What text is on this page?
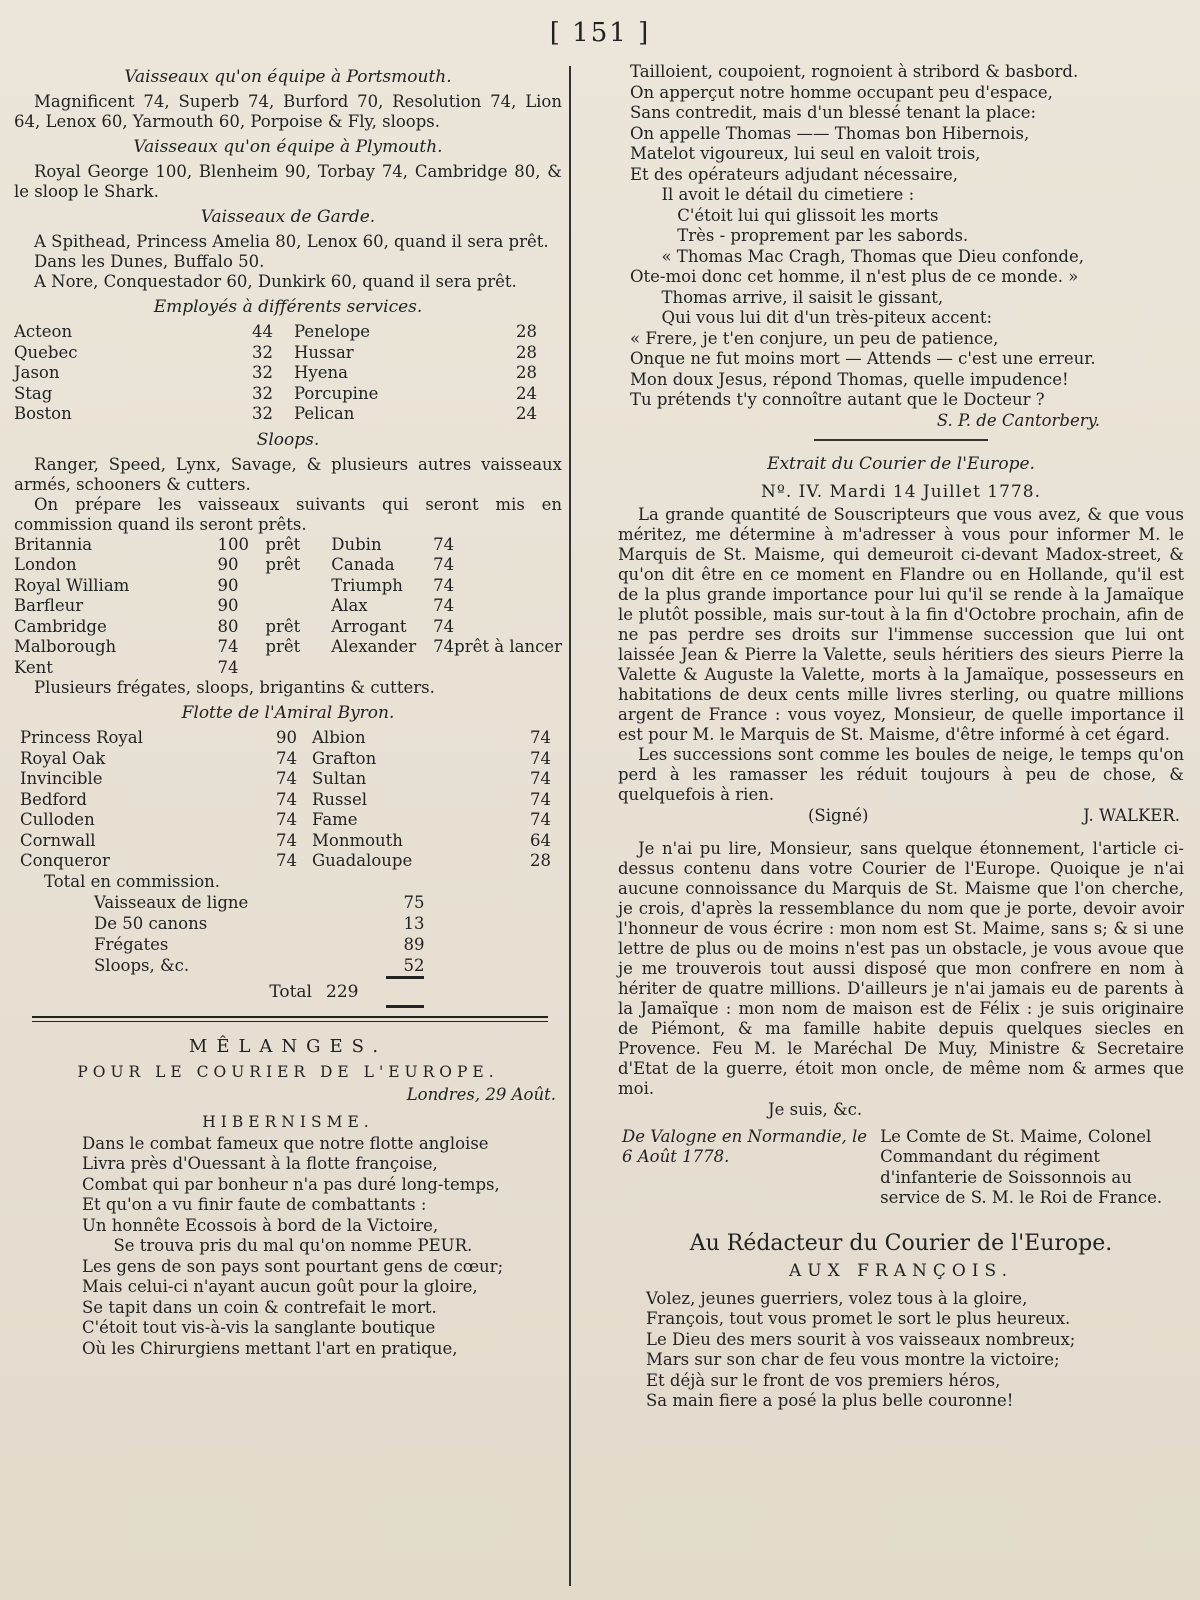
[ 151 ]
Vaisseaux qu'on équipe à Portsmouth.

Magnificent 74, Superb 74, Burford 70, Resolution 74, Lion 64, Lenox 60, Yarmouth 60, Porpoise & Fly, sloops.

Vaisseaux qu'on équipe à Plymouth.

Royal George 100, Blenheim 90, Torbay 74, Cambridge 80, & le sloop le Shark.

Vaisseaux de Garde.

A Spithead, Princess Amelia 80, Lenox 60, quand il sera prêt.

Dans les Dunes, Buffalo 50.

A Nore, Conquestador 60, Dunkirk 60, quand il sera prêt.

Employés à différents services.
Acteon	44	Penelope	28
Quebec	32	Hussar	28
Jason	32	Hyena	28
Stag	32	Porcupine	24
Boston	32	Pelican	24
Sloops.

Ranger, Speed, Lynx, Savage, & plusieurs autres vaisseaux armés, schooners & cutters.

On prépare les vaisseaux suivants qui seront mis en commission quand ils seront prêts.

Britannia	100	prêt	Dubin	74
London	90	prêt	Canada	74
Royal William	90		Triumph	74
Barfleur	90		Alax	74
Cambridge	80	prêt	Arrogant	74
Malborough	74	prêt	Alexander	74prêt à lancer
Kent	74			

Plusieurs frégates, sloops, brigantins & cutters.

Flotte de l'Amiral Byron.
Princess Royal	90	Albion	74
Royal Oak	74	Grafton	74
Invincible	74	Sultan	74
Bedford	74	Russel	74
Culloden	74	Fame	74
Cornwall	74	Monmouth	64
Conqueror	74	Guadaloupe	28
Total en commission.
Vaisseaux de ligne	75
De 50 canons	13
Frégates	89
Sloops, &c.	52
Total 229
MÊLANGES.
POUR LE COURIER DE L'EUROPE.
Londres, 29 Août.
HIBERNISME.
Dans le combat fameux que notre flotte angloise
Livra près d'Ouessant à la flotte françoise,
Combat qui par bonheur n'a pas duré long-temps,
Et qu'on a vu finir faute de combattants :
Un honnête Ecossois à bord de la Victoire,
Se trouva pris du mal qu'on nomme PEUR.
Les gens de son pays sont pourtant gens de cœur;
Mais celui-ci n'ayant aucun goût pour la gloire,
Se tapit dans un coin & contrefait le mort.
C'étoit tout vis-à-vis la sanglante boutique
Où les Chirurgiens mettant l'art en pratique,
Tailloient, coupoient, rognoient à stribord & basbord.
On apperçut notre homme occupant peu d'espace,
Sans contredit, mais d'un blessé tenant la place:
On appelle Thomas —— Thomas bon Hibernois,
Matelot vigoureux, lui seul en valoit trois,
Et des opérateurs adjudant nécessaire,
Il avoit le détail du cimetiere :
C'étoit lui qui glissoit les morts
Très - proprement par les sabords.
« Thomas Mac Cragh, Thomas que Dieu confonde,
Ote-moi donc cet homme, il n'est plus de ce monde. »
Thomas arrive, il saisit le gissant,
Qui vous lui dit d'un très-piteux accent:
« Frere, je t'en conjure, un peu de patience,
Onque ne fut moins mort — Attends — c'est une erreur.
Mon doux Jesus, répond Thomas, quelle impudence!
Tu prétends t'y connoître autant que le Docteur ?
S. P. de Cantorbery.
Extrait du Courier de l'Europe.
Nº. IV. Mardi 14 Juillet 1778.

La grande quantité de Souscripteurs que vous avez, & que vous méritez, me détermine à m'adresser à vous pour informer M. le Marquis de St. Maisme, qui demeuroit ci-devant Madox-street, & qu'on dit être en ce moment en Flandre ou en Hollande, qu'il est de la plus grande importance pour lui qu'il se rende à la Jamaïque le plutôt possible, mais sur-tout à la fin d'Octobre prochain, afin de ne pas perdre ses droits sur l'immense succession que lui ont laissée Jean & Pierre la Valette, seuls héritiers des sieurs Pierre la Valette & Auguste la Valette, morts à la Jamaïque, possesseurs en habitations de deux cents mille livres sterling, ou quatre millions argent de France : vous voyez, Monsieur, de quelle importance il est pour M. le Marquis de St. Maisme, d'être informé à cet égard.

Les successions sont comme les boules de neige, le temps qu'on perd à les ramasser les réduit toujours à peu de chose, & quelquefois à rien.

(Signé)	J. WALKER.

Je n'ai pu lire, Monsieur, sans quelque étonnement, l'article ci-dessus contenu dans votre Courier de l'Europe. Quoique je n'ai aucune connoissance du Marquis de St. Maisme que l'on cherche, je crois, d'après la ressemblance du nom que je porte, devoir avoir l'honneur de vous écrire : mon nom est St. Maime, sans s; & si une lettre de plus ou de moins n'est pas un obstacle, je vous avoue que je me trouverois tout aussi disposé que mon confrere en nom à hériter de quatre millions. D'ailleurs je n'ai jamais eu de parents à la Jamaïque : mon nom de maison est de Félix : je suis originaire de Piémont, & ma famille habite depuis quelques siecles en Provence. Feu M. le Maréchal De Muy, Ministre & Secretaire d'Etat de la guerre, étoit mon oncle, de même nom & armes que moi.

Je suis, &c.
De Valogne en Normandie, le 6 Août 1778.
Le Comte de St. Maime, Colonel Commandant du régiment d'infanterie de Soissonnois au service de S. M. le Roi de France.
Au Rédacteur du Courier de l'Europe.
AUX FRANÇOIS.
Volez, jeunes guerriers, volez tous à la gloire,
François, tout vous promet le sort le plus heureux.
Le Dieu des mers sourit à vos vaisseaux nombreux;
Mars sur son char de feu vous montre la victoire;
Et déjà sur le front de vos premiers héros,
Sa main fiere a posé la plus belle couronne!
